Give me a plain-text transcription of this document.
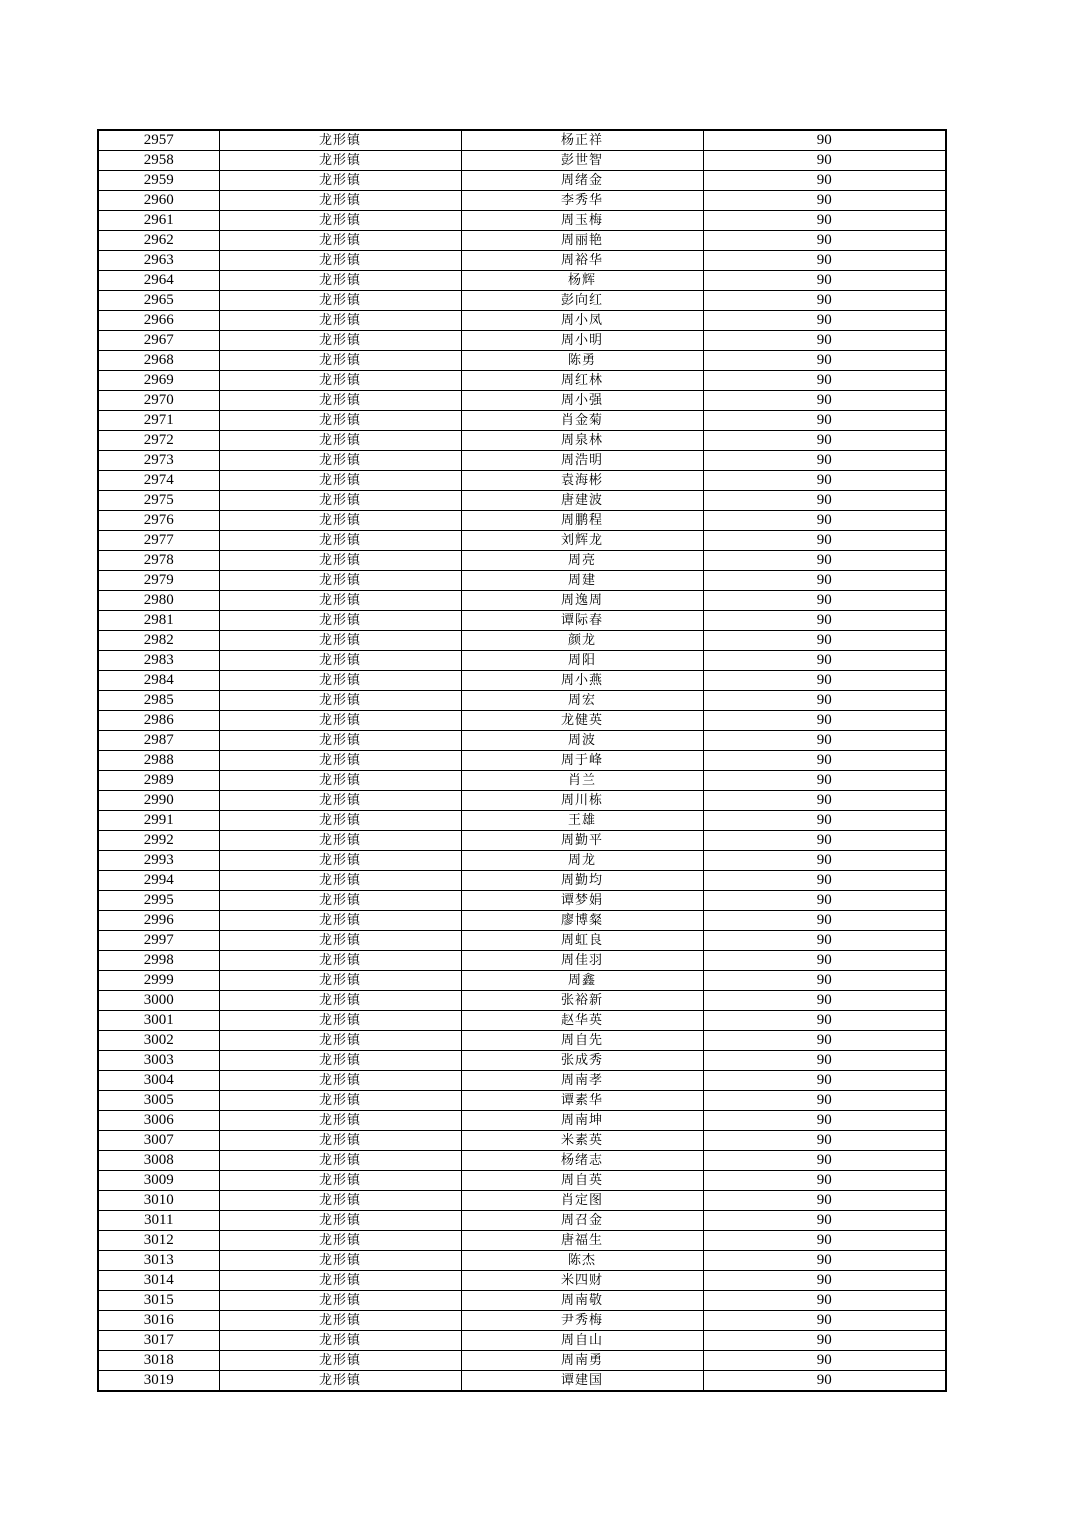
2957	龙形镇	杨正祥	90
2958	龙形镇	彭世智	90
2959	龙形镇	周绪金	90
2960	龙形镇	李秀华	90
2961	龙形镇	周玉梅	90
2962	龙形镇	周丽艳	90
2963	龙形镇	周裕华	90
2964	龙形镇	杨辉	90
2965	龙形镇	彭向红	90
2966	龙形镇	周小凤	90
2967	龙形镇	周小明	90
2968	龙形镇	陈勇	90
2969	龙形镇	周红林	90
2970	龙形镇	周小强	90
2971	龙形镇	肖金菊	90
2972	龙形镇	周泉林	90
2973	龙形镇	周浩明	90
2974	龙形镇	袁海彬	90
2975	龙形镇	唐建波	90
2976	龙形镇	周鹏程	90
2977	龙形镇	刘辉龙	90
2978	龙形镇	周亮	90
2979	龙形镇	周建	90
2980	龙形镇	周逸周	90
2981	龙形镇	谭际春	90
2982	龙形镇	颜龙	90
2983	龙形镇	周阳	90
2984	龙形镇	周小燕	90
2985	龙形镇	周宏	90
2986	龙形镇	龙健英	90
2987	龙形镇	周波	90
2988	龙形镇	周于峰	90
2989	龙形镇	肖兰	90
2990	龙形镇	周川栋	90
2991	龙形镇	王雄	90
2992	龙形镇	周勤平	90
2993	龙形镇	周龙	90
2994	龙形镇	周勤均	90
2995	龙形镇	谭梦娟	90
2996	龙形镇	廖博粲	90
2997	龙形镇	周虹良	90
2998	龙形镇	周佳羽	90
2999	龙形镇	周鑫	90
3000	龙形镇	张裕新	90
3001	龙形镇	赵华英	90
3002	龙形镇	周自先	90
3003	龙形镇	张成秀	90
3004	龙形镇	周南孝	90
3005	龙形镇	谭素华	90
3006	龙形镇	周南坤	90
3007	龙形镇	米素英	90
3008	龙形镇	杨绪志	90
3009	龙形镇	周自英	90
3010	龙形镇	肖定图	90
3011	龙形镇	周召金	90
3012	龙形镇	唐福生	90
3013	龙形镇	陈杰	90
3014	龙形镇	米四财	90
3015	龙形镇	周南敬	90
3016	龙形镇	尹秀梅	90
3017	龙形镇	周自山	90
3018	龙形镇	周南勇	90
3019	龙形镇	谭建国	90
